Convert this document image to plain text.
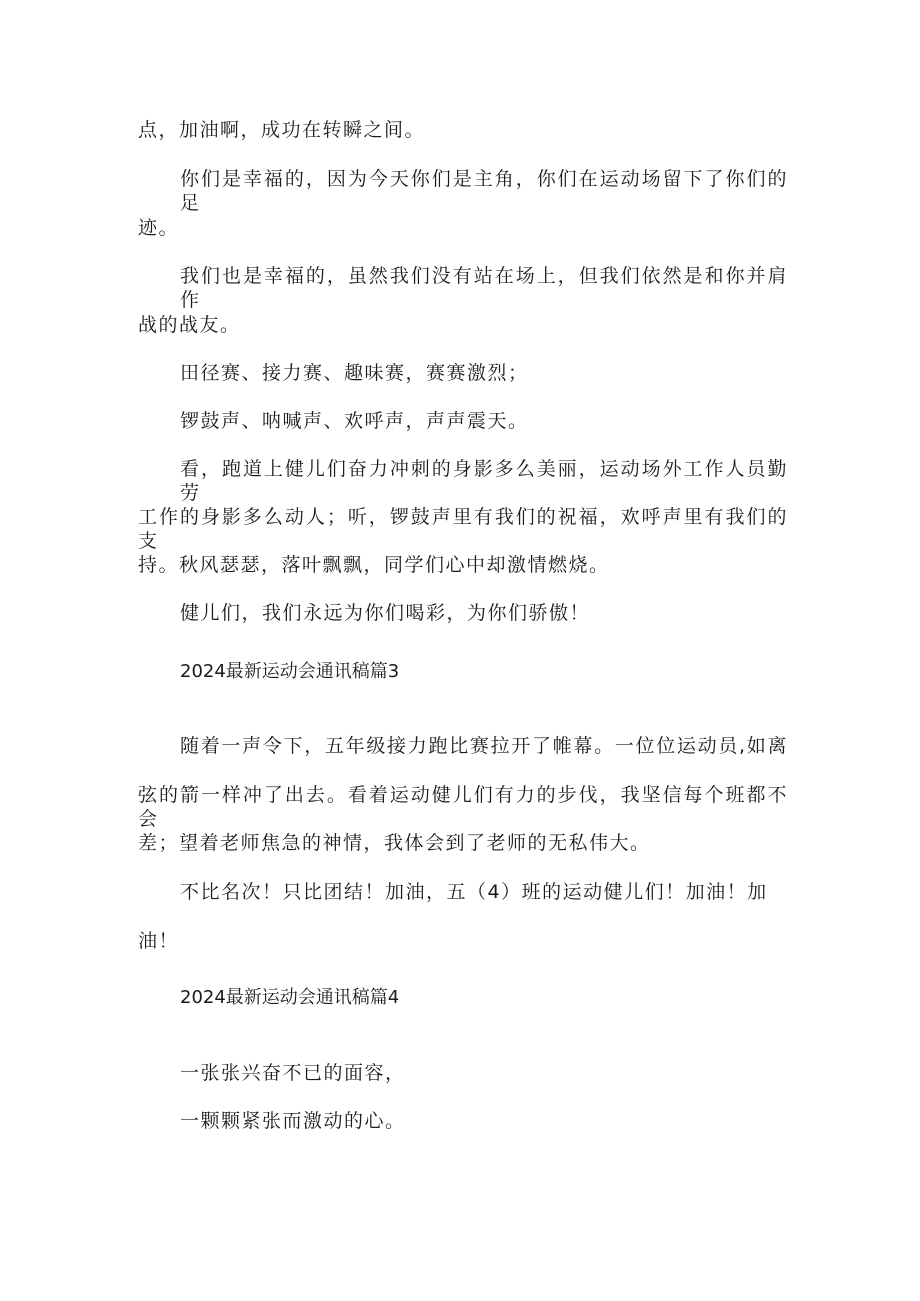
点，加油啊，成功在转瞬之间。
你们是幸福的，因为今天你们是主角，你们在运动场留下了你们的足
迹。
我们也是幸福的，虽然我们没有站在场上，但我们依然是和你并肩作
战的战友。
田径赛、接力赛、趣味赛，赛赛激烈；
锣鼓声、呐喊声、欢呼声，声声震天。
看，跑道上健儿们奋力冲刺的身影多么美丽，运动场外工作人员勤劳
工作的身影多么动人；听，锣鼓声里有我们的祝福，欢呼声里有我们的支
持。秋风瑟瑟，落叶飘飘，同学们心中却激情燃烧。
健儿们，我们永远为你们喝彩，为你们骄傲！
2024最新运动会通讯稿篇3
随着一声令下，五年级接力跑比赛拉开了帷幕。一位位运动员,如离
弦的箭一样冲了出去。看着运动健儿们有力的步伐，我坚信每个班都不会
差；望着老师焦急的神情，我体会到了老师的无私伟大。
不比名次！只比团结！加油，五（4）班的运动健儿们！加油！加
油！
2024最新运动会通讯稿篇4
一张张兴奋不已的面容，
一颗颗紧张而激动的心。
